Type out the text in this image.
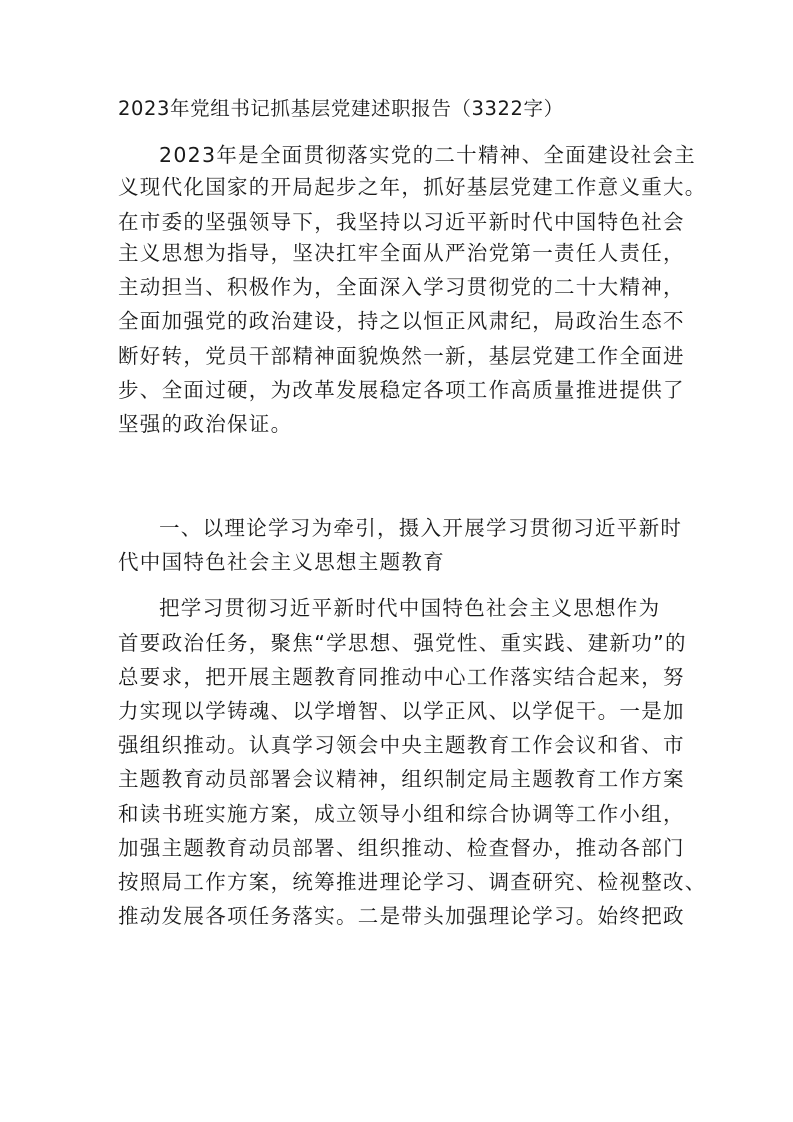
2023年党组书记抓基层党建述职报告（3322字）
2023年是全面贯彻落实党的二十精神、全面建设社会主
义现代化国家的开局起步之年，抓好基层党建工作意义重大。
在市委的坚强领导下，我坚持以习近平新时代中国特色社会
主义思想为指导，坚决扛牢全面从严治党第一责任人责任，
主动担当、积极作为，全面深入学习贯彻党的二十大精神，
全面加强党的政治建设，持之以恒正风肃纪，局政治生态不
断好转，党员干部精神面貌焕然一新，基层党建工作全面进
步、全面过硬，为改革发展稳定各项工作高质量推进提供了
坚强的政治保证。
一、以理论学习为牵引，摄入开展学习贯彻习近平新时
代中国特色社会主义思想主题教育
把学习贯彻习近平新时代中国特色社会主义思想作为
首要政治任务，聚焦“学思想、强党性、重实践、建新功”的
总要求，把开展主题教育同推动中心工作落实结合起来，努
力实现以学铸魂、以学增智、以学正风、以学促干。一是加
强组织推动。认真学习领会中央主题教育工作会议和省、市
主题教育动员部署会议精神，组织制定局主题教育工作方案
和读书班实施方案，成立领导小组和综合协调等工作小组，
加强主题教育动员部署、组织推动、检查督办，推动各部门
按照局工作方案，统筹推进理论学习、调查研究、检视整改、
推动发展各项任务落实。二是带头加强理论学习。始终把政
